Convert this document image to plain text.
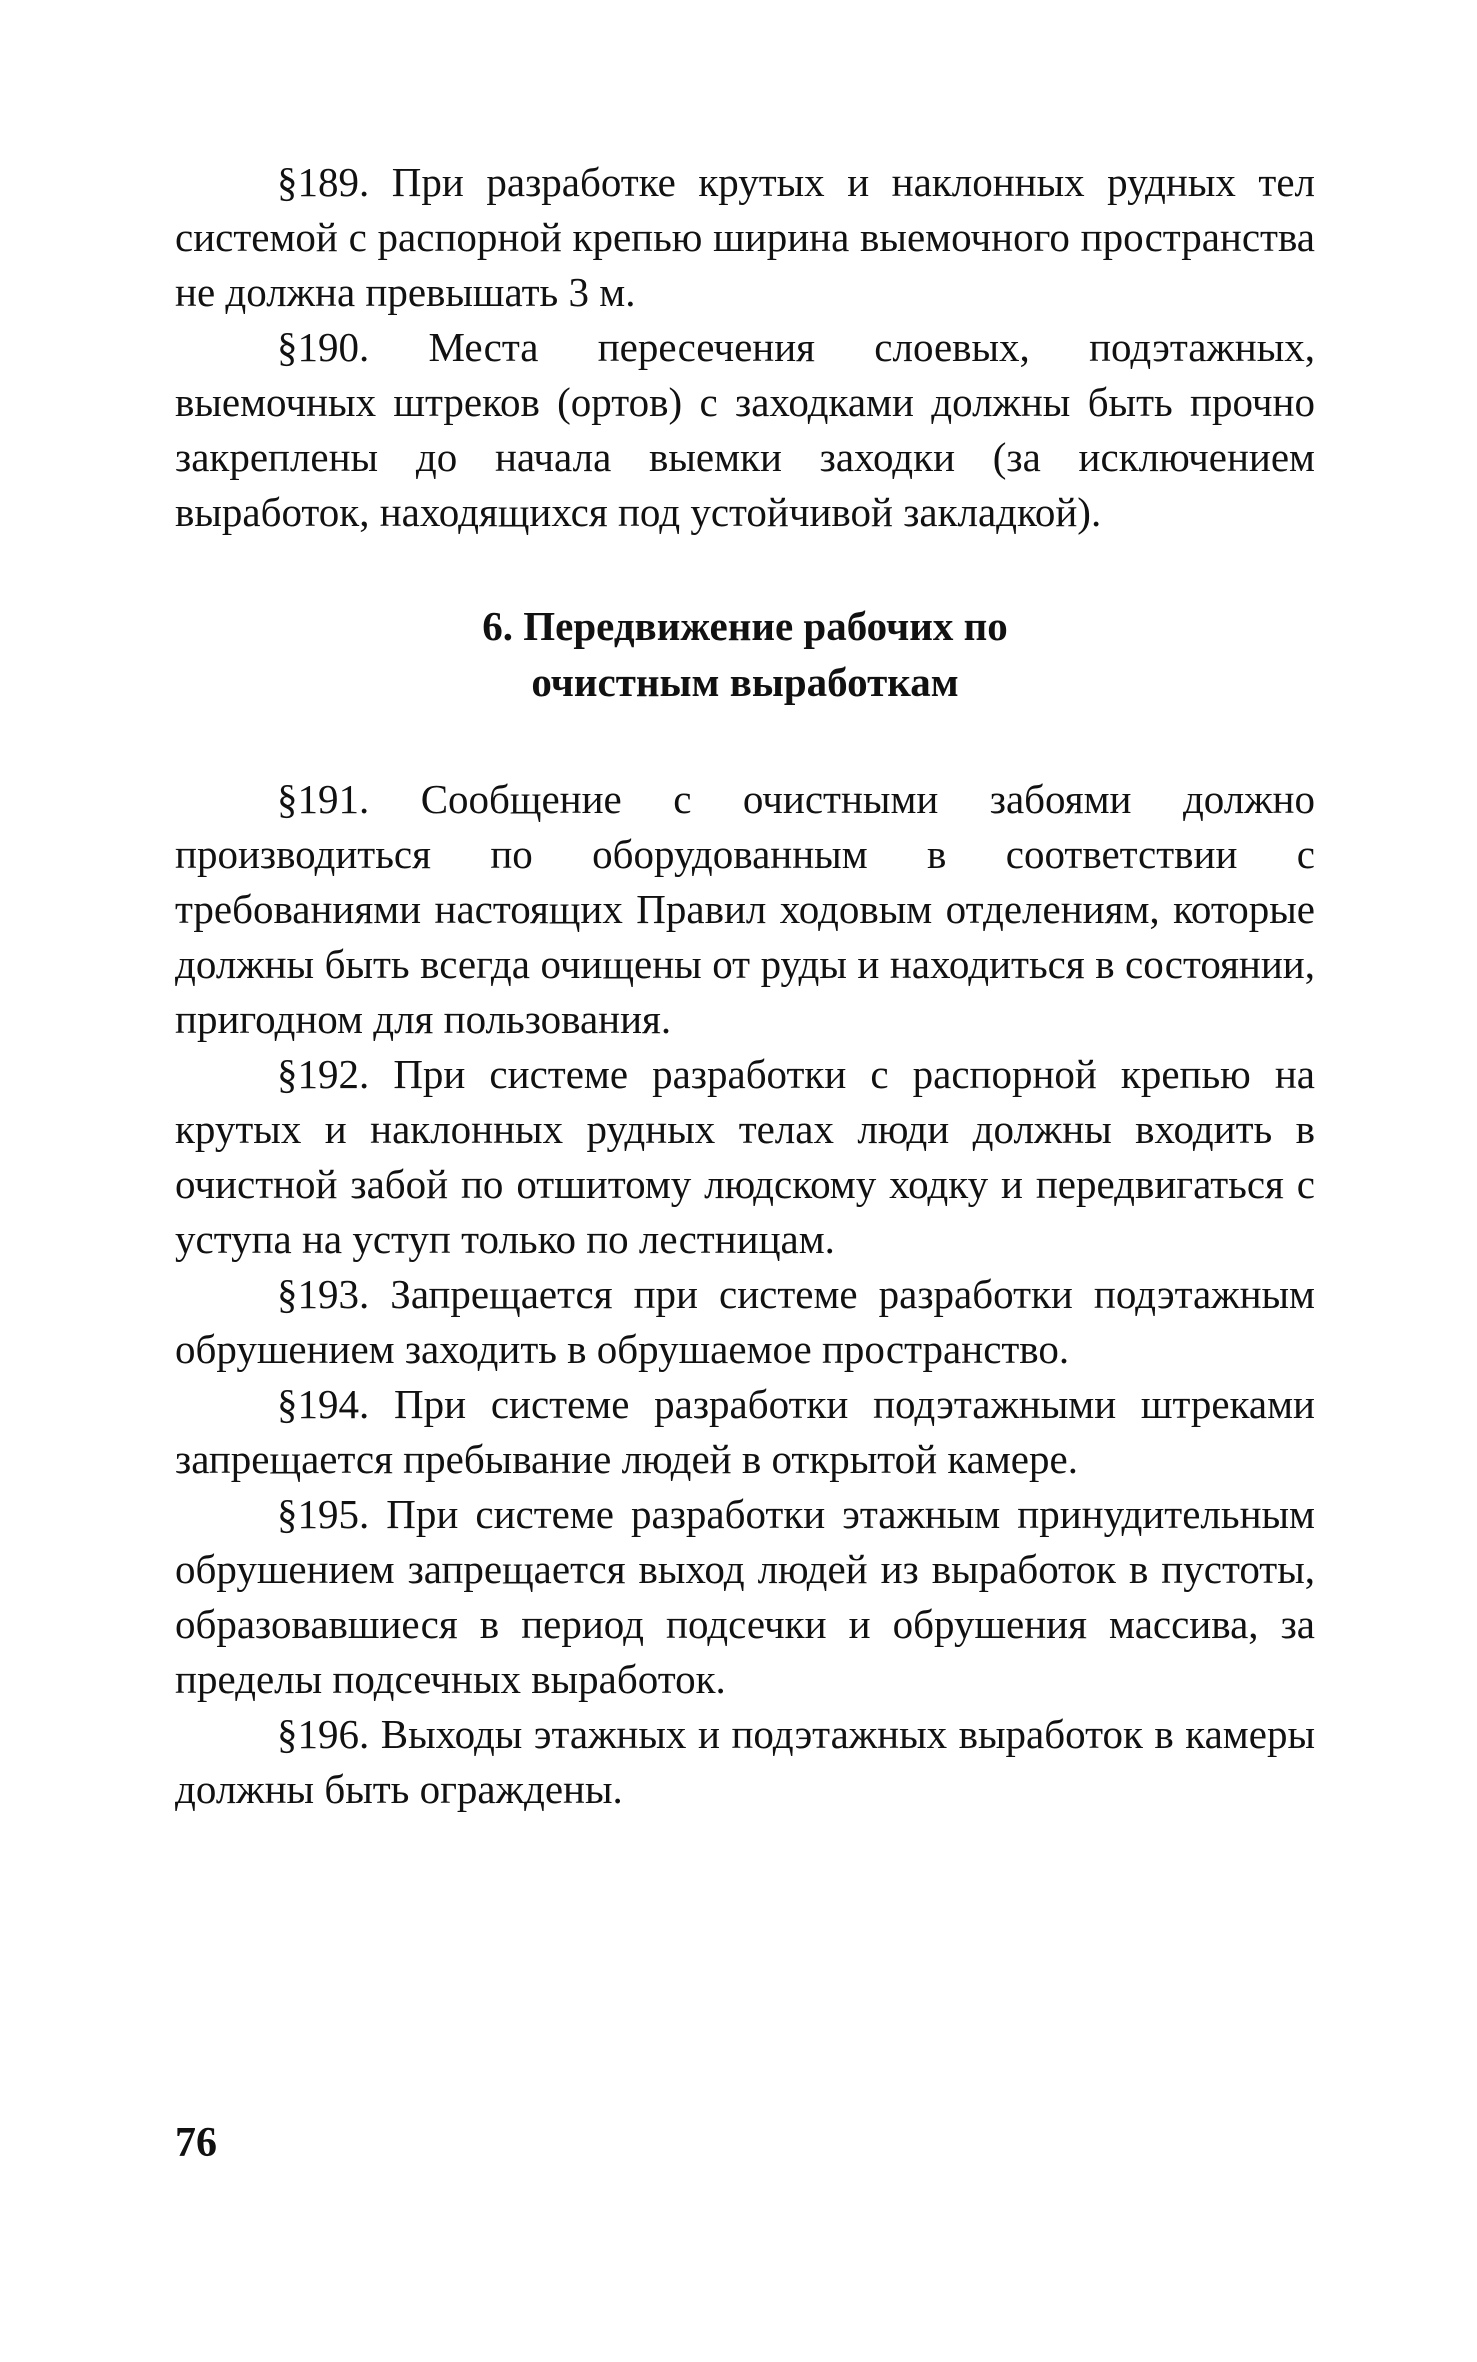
§189. При разработке крутых и наклонных рудных тел системой с распорной крепью ширина выемочного пространства не должна превышать 3 м.

§190. Места пересечения слоевых, подэтажных, выемочных штреков (ортов) с заходками должны быть прочно закреплены до начала выемки заходки (за исключением выработок, находящихся под устойчивой закладкой).

6. Передвижение рабочих по
очистным выработкам

§191. Сообщение с очистными забоями должно производиться по оборудованным в соответствии с требованиями настоящих Правил ходовым отделениям, которые должны быть всегда очищены от руды и находиться в состоянии, пригодном для пользования.

§192. При системе разработки с распорной крепью на крутых и наклонных рудных телах люди должны входить в очистной забой по отшитому людскому ходку и передвигаться с уступа на уступ только по лестницам.

§193. Запрещается при системе разработки подэтажным обрушением заходить в обрушаемое пространство.

§194. При системе разработки подэтажными штреками запрещается пребывание людей в открытой камере.

§195. При системе разработки этажным принудительным обрушением запрещается выход людей из выработок в пустоты, образовавшиеся в период подсечки и обрушения массива, за пределы подсечных выработок.

§196. Выходы этажных и подэтажных выработок в камеры должны быть ограждены.

76
